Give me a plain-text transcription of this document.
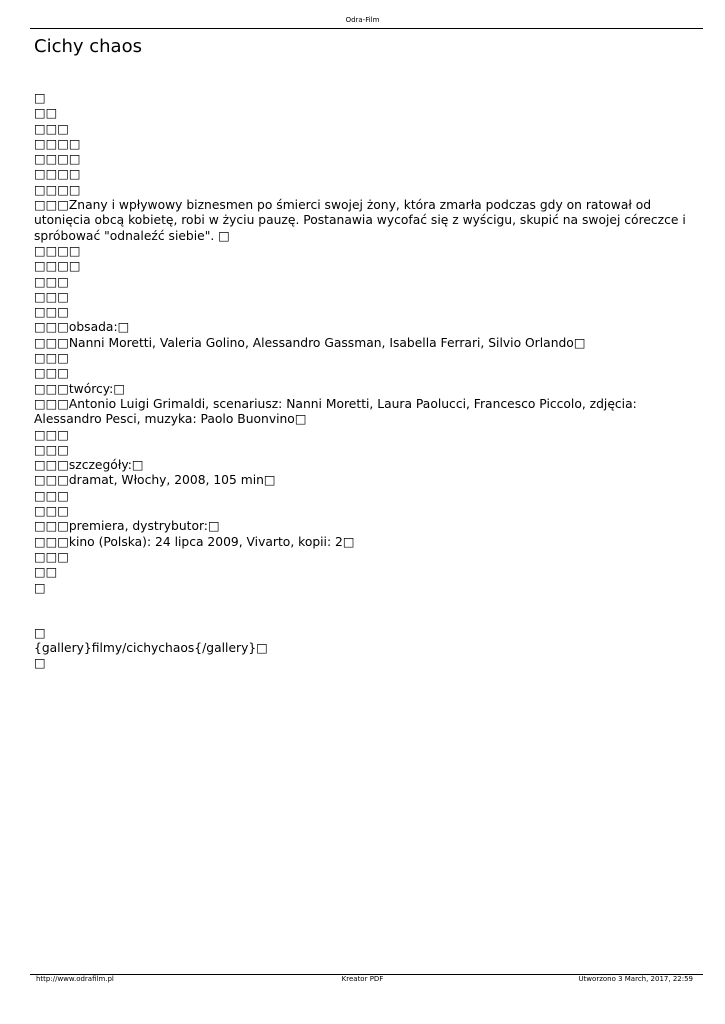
Odra-Film
Cichy chaos
□
□□
□□□
□□□□
□□□□
□□□□
□□□□
□□□Znany i wpływowy biznesmen po śmierci swojej żony, która zmarła podczas gdy on ratował od utonięcia obcą kobietę, robi w życiu pauzę. Postanawia wycofać się z wyścigu, skupić na swojej córeczce i spróbować "odnaleźć siebie". □
□□□□
□□□□
□□□
□□□
□□□
□□□obsada:□
□□□Nanni Moretti, Valeria Golino, Alessandro Gassman, Isabella Ferrari, Silvio Orlando□
□□□
□□□
□□□twórcy:□
□□□Antonio Luigi Grimaldi, scenariusz: Nanni Moretti, Laura Paolucci, Francesco Piccolo, zdjęcia: Alessandro Pesci, muzyka: Paolo Buonvino□
□□□
□□□
□□□szczegóły:□
□□□dramat, Włochy, 2008, 105 min□
□□□
□□□
□□□premiera, dystrybutor:□
□□□kino (Polska): 24 lipca 2009, Vivarto, kopii: 2□
□□□
□□
□
□
{gallery}filmy/cichychaos{/gallery}□
□
http://www.odrafilm.pl	Kreator PDF	Utworzono 3 March, 2017, 22:59
